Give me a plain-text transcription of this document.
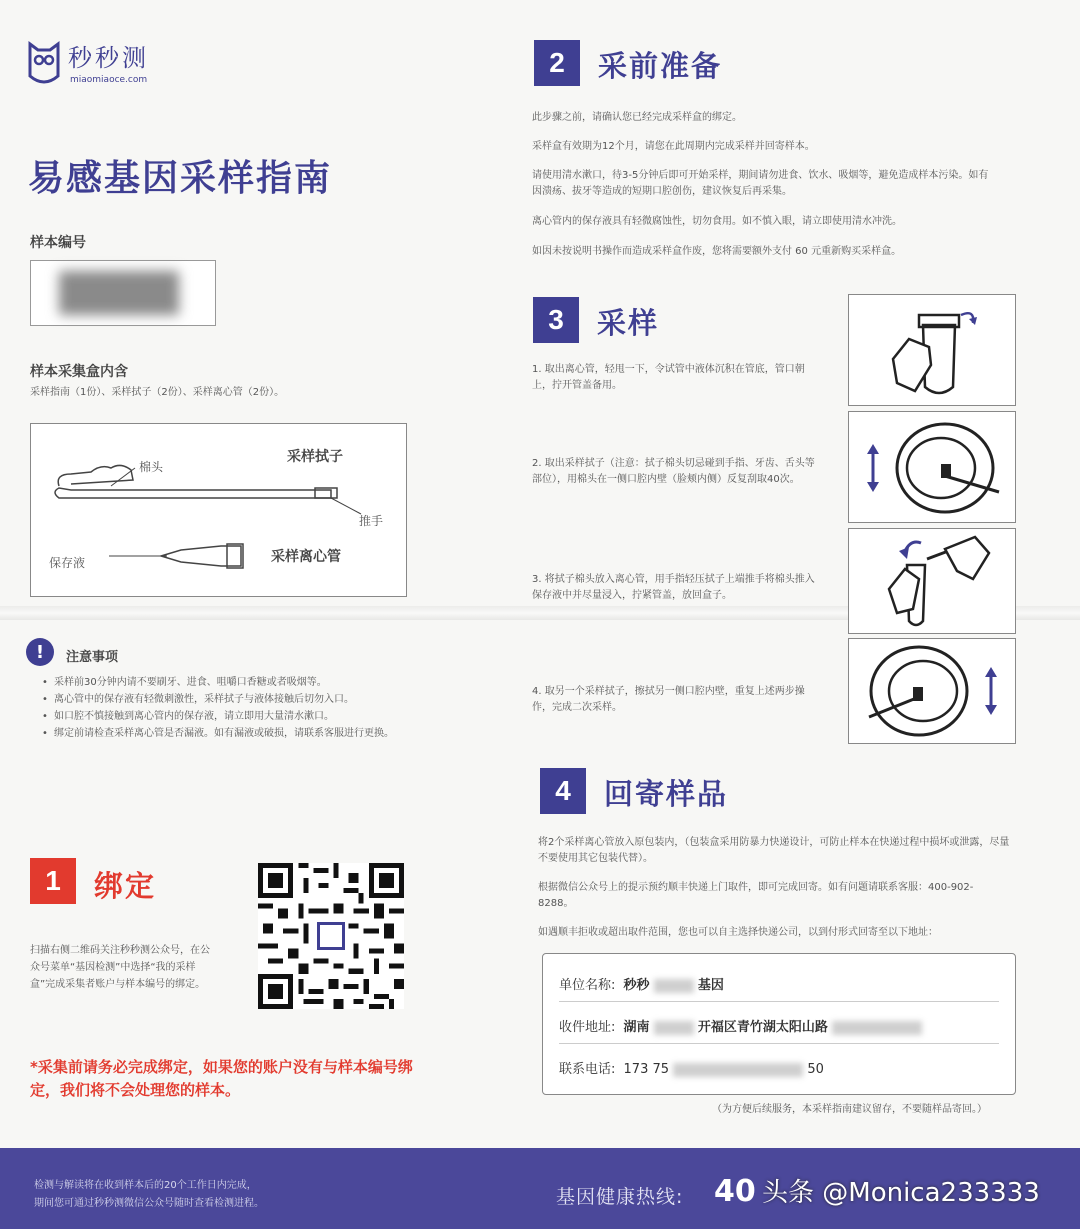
秒秒测
miaomiaoce.com
易感基因采样指南
样本编号
样本采集盒内含
采样指南（1份）、采样拭子（2份）、采样离心管（2份）。
棉头
采样拭子
推手
保存液	采样离心管
!	注意事项
• 采样前30分钟内请不要刷牙、进食、咀嚼口香糖或者吸烟等。
• 离心管中的保存液有轻微刺激性，采样拭子与液体接触后切勿入口。
• 如口腔不慎接触到离心管内的保存液，请立即用大量清水漱口。
• 绑定前请检查采样离心管是否漏液。如有漏液或破损，请联系客服进行更换。
1	绑定
扫描右侧二维码关注秒秒测公众号，在公众号菜单“基因检测”中选择“我的采样盒”完成采集者账户与样本编号的绑定。
*采集前请务必完成绑定，如果您的账户没有与样本编号绑定，我们将不会处理您的样本。
2	采前准备
此步骤之前，请确认您已经完成采样盒的绑定。
采样盒有效期为12个月，请您在此周期内完成采样并回寄样本。
请使用清水漱口，待3-5分钟后即可开始采样，期间请勿进食、饮水、吸烟等，避免造成样本污染。如有因溃疡、拔牙等造成的短期口腔创伤，建议恢复后再采集。
离心管内的保存液具有轻微腐蚀性，切勿食用。如不慎入眼，请立即使用清水冲洗。
如因未按说明书操作而造成采样盒作废，您将需要额外支付 60 元重新购买采样盒。
3	采样
1. 取出离心管，轻甩一下，令试管中液体沉积在管底，管口朝上，拧开管盖备用。
2. 取出采样拭子（注意：拭子棉头切忌碰到手指、牙齿、舌头等部位），用棉头在一侧口腔内壁（脸颊内侧）反复刮取40次。
3. 将拭子棉头放入离心管，用手指轻压拭子上端推手将棉头推入保存液中并尽量浸入，拧紧管盖，放回盒子。
4. 取另一个采样拭子，擦拭另一侧口腔内壁，重复上述两步操作，完成二次采样。
4	回寄样品
将2个采样离心管放入原包装内，（包装盒采用防暴力快递设计，可防止样本在快递过程中损坏或泄露，尽量不要使用其它包装代替）。
根据微信公众号上的提示预约顺丰快递上门取件，即可完成回寄。如有问题请联系客服：400-902-8288。
如遇顺丰拒收或超出取件范围，您也可以自主选择快递公司，以到付形式回寄至以下地址：
单位名称: 秒秒	基因
收件地址: 湖南	开福区青竹湖太阳山路
联系电话: 173 75	50
（为方便后续服务，本采样指南建议留存，不要随样品寄回。）
检测与解读将在收到样本后的20个工作日内完成，
期间您可通过秒秒测微信公众号随时查看检测进程。	基因健康热线: 40 头条 @Monica233333
